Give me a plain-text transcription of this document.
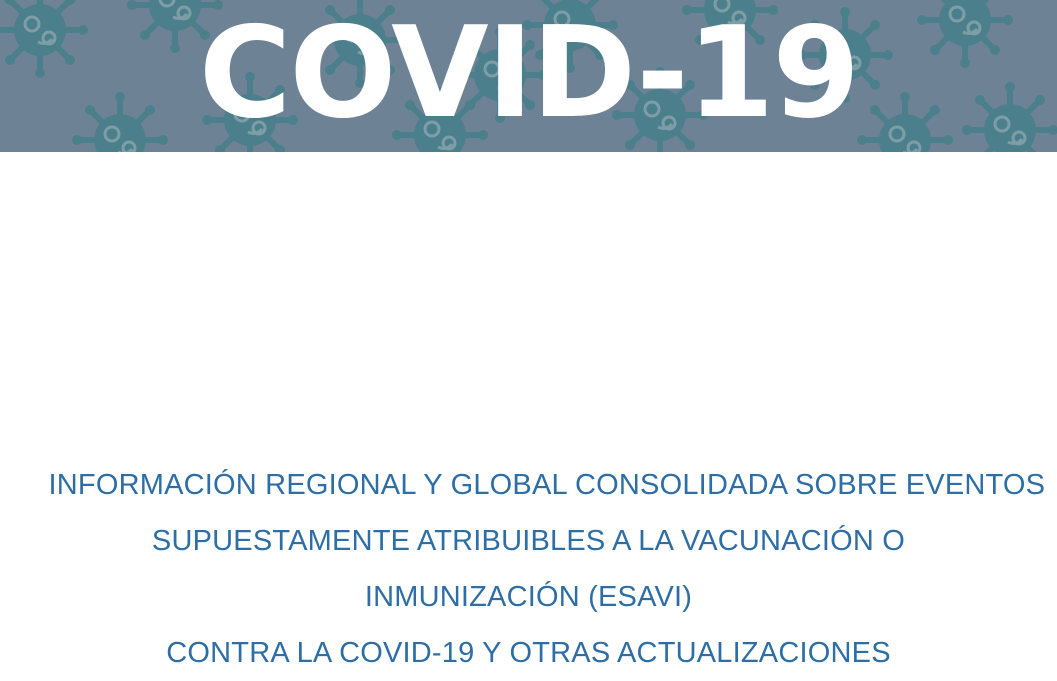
COVID-19
INFORMACIÓN REGIONAL Y GLOBAL CONSOLIDADA SOBRE EVENTOS
SUPUESTAMENTE ATRIBUIBLES A LA VACUNACIÓN O
INMUNIZACIÓN (ESAVI)
CONTRA LA COVID-19 Y OTRAS ACTUALIZACIONES
